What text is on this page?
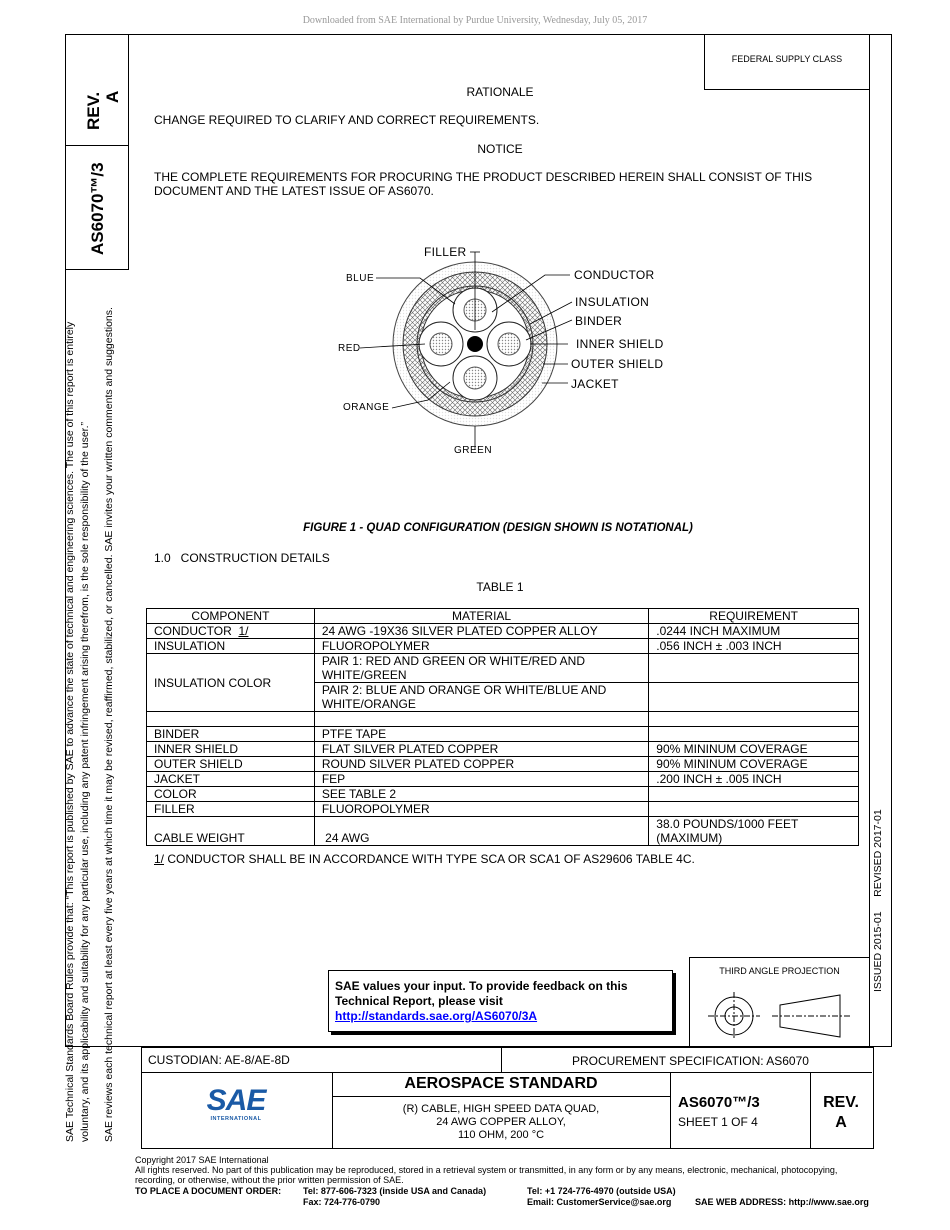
Downloaded from SAE International by Purdue University, Wednesday, July 05, 2017
REV. A
AS6070™/3
SAE Technical Standards Board Rules provide that: “This report is published by SAE to advance the state of technical and engineering sciences. The use of this report is entirely voluntary, and its applicability and suitability for any particular use, including any patent infringement arising therefrom, is the sole responsibility of the user.” SAE reviews each technical report at least every five years at which time it may be revised, reaffirmed, stabilized, or cancelled. SAE invites your written comments and suggestions.
FEDERAL SUPPLY CLASS
ISSUED 2015-01     REVISED 2017-01
RATIONALE
CHANGE REQUIRED TO CLARIFY AND CORRECT REQUIREMENTS.
NOTICE
THE COMPLETE REQUIREMENTS FOR PROCURING THE PRODUCT DESCRIBED HEREIN SHALL CONSIST OF THIS
DOCUMENT AND THE LATEST ISSUE OF AS6070.
FILLER
BLUE
RED
ORANGE
GREEN
CONDUCTOR
INSULATION
BINDER
INNER SHIELD
OUTER SHIELD
JACKET
FIGURE 1 - QUAD CONFIGURATION (DESIGN SHOWN IS NOTATIONAL)
1.0   CONSTRUCTION DETAILS
TABLE 1
COMPONENT	MATERIAL	REQUIREMENT
CONDUCTOR 1/	24 AWG -19X36 SILVER PLATED COPPER ALLOY	.0244 INCH MAXIMUM
INSULATION	FLUOROPOLYMER	.056 INCH ± .003 INCH
INSULATION COLOR	PAIR 1: RED AND GREEN OR WHITE/RED AND
WHITE/GREEN	

	PAIR 2: BLUE AND ORANGE OR WHITE/BLUE AND
WHITE/ORANGE	

BINDER	PTFE TAPE	
INNER SHIELD	FLAT SILVER PLATED COPPER	90% MININUM COVERAGE
OUTER SHIELD	ROUND SILVER PLATED COPPER	90% MININUM COVERAGE
JACKET	FEP	.200 INCH ± .005 INCH
COLOR	SEE TABLE 2	
FILLER	FLUOROPOLYMER	
CABLE WEIGHT	24 AWG	38.0 POUNDS/1000 FEET
(MAXIMUM)
1/ CONDUCTOR SHALL BE IN ACCORDANCE WITH TYPE SCA OR SCA1 OF AS29606 TABLE 4C.
SAE values your input. To provide feedback on this
Technical Report, please visit
http://standards.sae.org/AS6070/3A
THIRD ANGLE PROJECTION
CUSTODIAN: AE-8/AE-8D	PROCUREMENT SPECIFICATION: AS6070
SAE
INTERNATIONAL
AEROSPACE STANDARD
(R) CABLE, HIGH SPEED DATA QUAD,
24 AWG COPPER ALLOY,
110 OHM, 200 °C
AS6070™/3
SHEET 1 OF 4
REV.
A
Copyright 2017 SAE International
All rights reserved. No part of this publication may be reproduced, stored in a retrieval system or transmitted, in any form or by any means, electronic, mechanical, photocopying,
recording, or otherwise, without the prior written permission of SAE.
TO PLACE A DOCUMENT ORDER: Tel: 877-606-7323 (inside USA and Canada)
Fax: 724-776-0790
Tel: +1 724-776-4970 (outside USA)
Email: CustomerService@sae.org	SAE WEB ADDRESS: http://www.sae.org
